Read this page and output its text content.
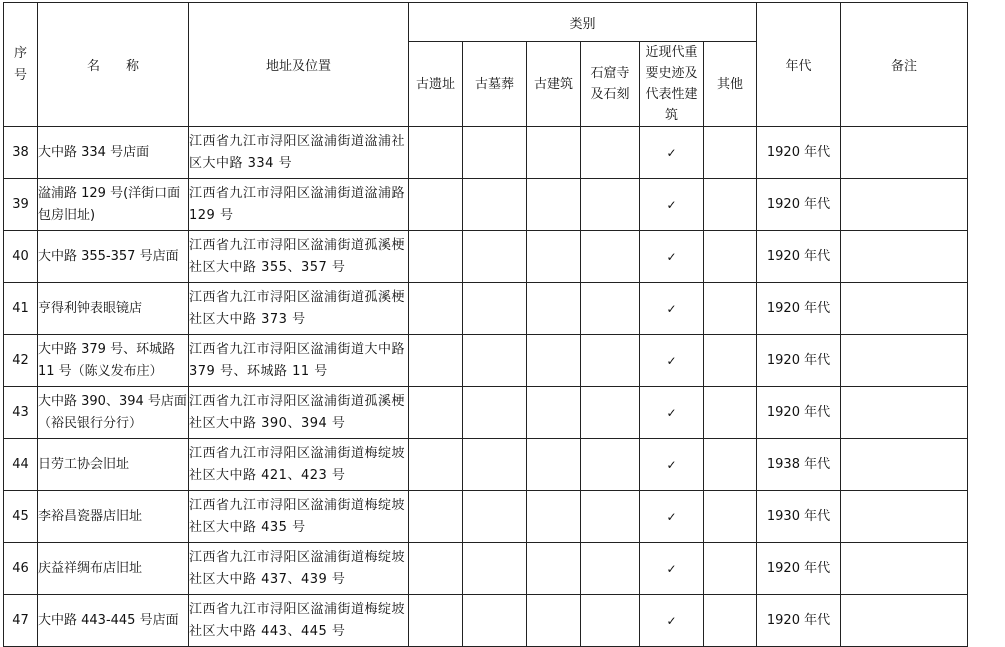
序号	名　　称	地址及位置	类别						年代	备注
			古遗址	古墓葬	古建筑	石窟寺及石刻	近现代重要史迹及代表性建筑	其他		
38	大中路 334 号店面	江西省九江市浔阳区湓浦街道湓浦社区大中路 334 号					✓		1920 年代	
39	湓浦路 129 号(洋街口面包房旧址)	江西省九江市浔阳区湓浦街道湓浦路 129 号					✓		1920 年代	
40	大中路 355-357 号店面	江西省九江市浔阳区湓浦街道孤溪梗社区大中路 355、357 号					✓		1920 年代	
41	亨得利钟表眼镜店	江西省九江市浔阳区湓浦街道孤溪梗社区大中路 373 号					✓		1920 年代	
42	大中路 379 号、环城路 11 号（陈义发布庄）	江西省九江市浔阳区湓浦街道大中路 379 号、环城路 11 号					✓		1920 年代	
43	大中路 390、394 号店面（裕民银行分行）	江西省九江市浔阳区湓浦街道孤溪梗社区大中路 390、394 号					✓		1920 年代	
44	日劳工协会旧址	江西省九江市浔阳区湓浦街道梅绽坡社区大中路 421、423 号					✓		1938 年代	
45	李裕昌瓷器店旧址	江西省九江市浔阳区湓浦街道梅绽坡社区大中路 435 号					✓		1930 年代	
46	庆益祥绸布店旧址	江西省九江市浔阳区湓浦街道梅绽坡社区大中路 437、439 号					✓		1920 年代	
47	大中路 443-445 号店面	江西省九江市浔阳区湓浦街道梅绽坡社区大中路 443、445 号					✓		1920 年代	
